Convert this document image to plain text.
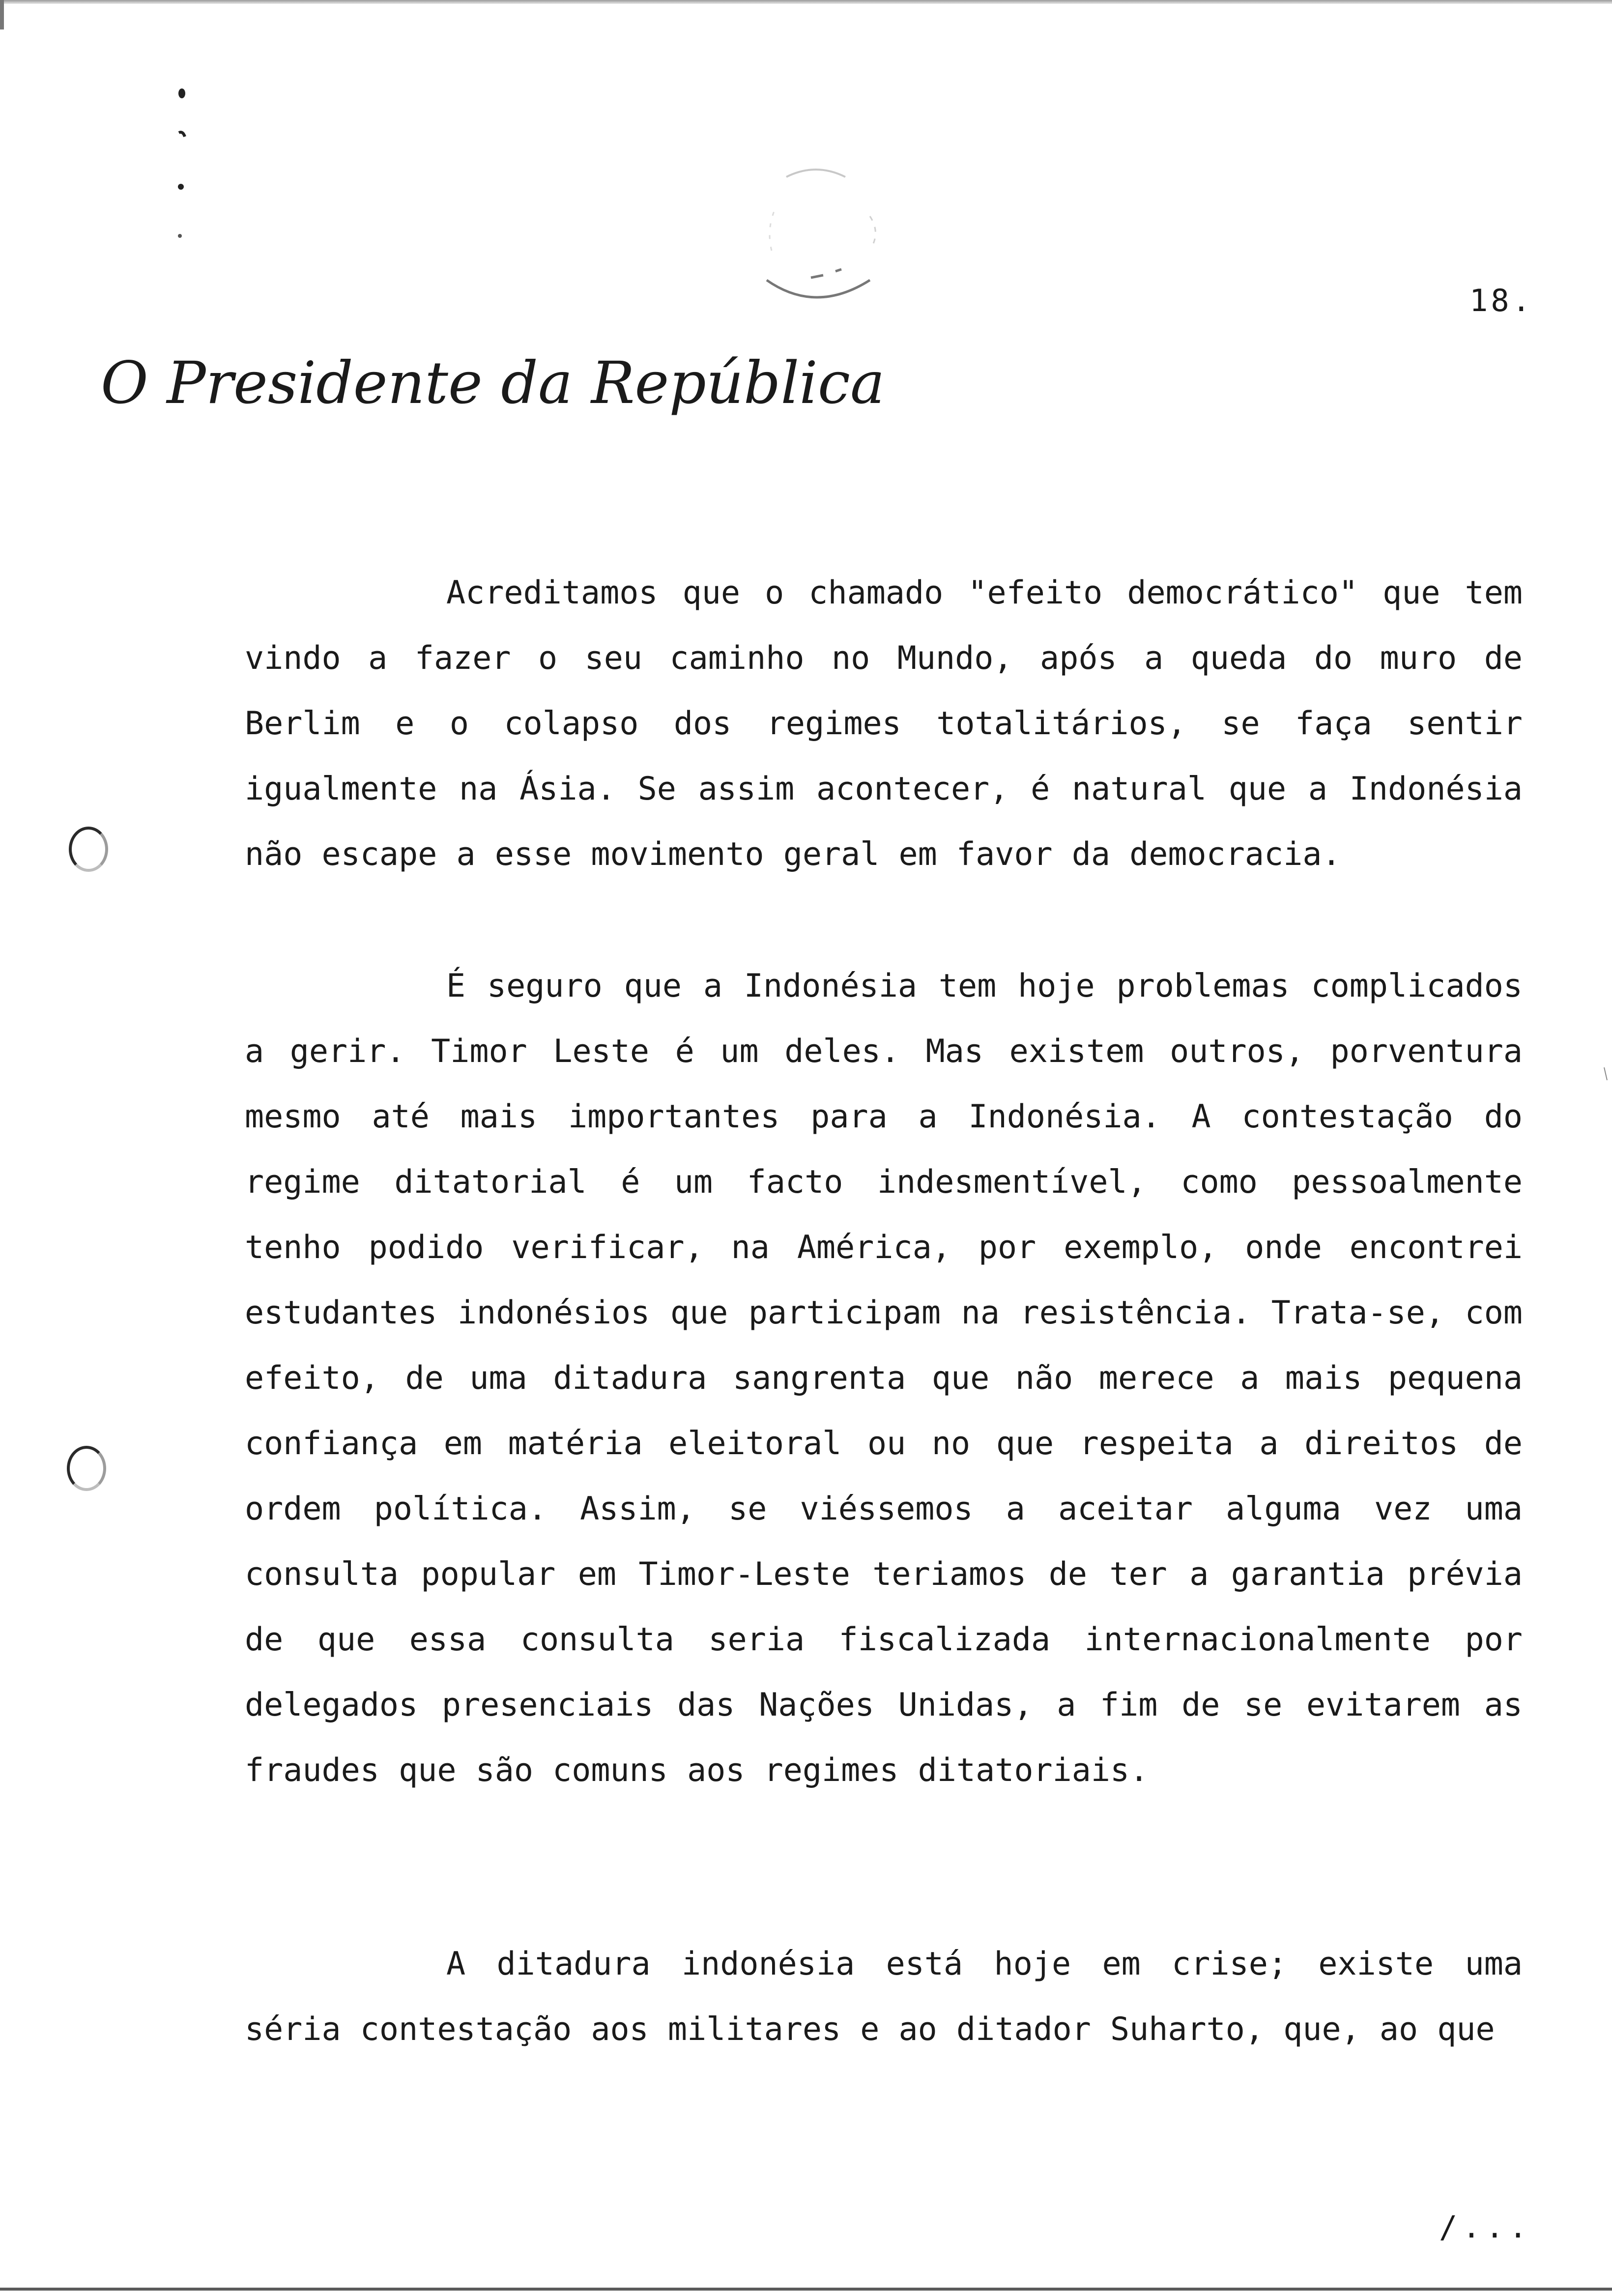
18.
O Presidente da República
Acreditamos que o chamado "efeito democrático" que tem vindo a fazer o seu caminho no Mundo, após a queda do muro de Berlim e o colapso dos regimes totalitários, se faça sentir igualmente na Ásia. Se assim acontecer, é natural que a Indonésia não escape a esse movimento geral em favor da democracia.
É seguro que a Indonésia tem hoje problemas complicados a gerir. Timor Leste é um deles. Mas existem outros, porventura mesmo até mais importantes para a Indonésia. A contestação do regime ditatorial é um facto indesmentível, como pessoalmente tenho podido verificar, na América, por exemplo, onde encontrei estudantes indonésios que participam na resistência. Trata-se, com efeito, de uma ditadura sangrenta que não merece a mais pequena confiança em matéria eleitoral ou no que respeita a direitos de ordem política. Assim, se viéssemos a aceitar alguma vez uma consulta popular em Timor-Leste teriamos de ter a garantia prévia de que essa consulta seria fiscalizada internacionalmente por delegados presenciais das Nações Unidas, a fim de se evitarem as fraudes que são comuns aos regimes ditatoriais.
A ditadura indonésia está hoje em crise; existe uma séria contestação aos militares e ao ditador Suharto, que, ao que
/...
